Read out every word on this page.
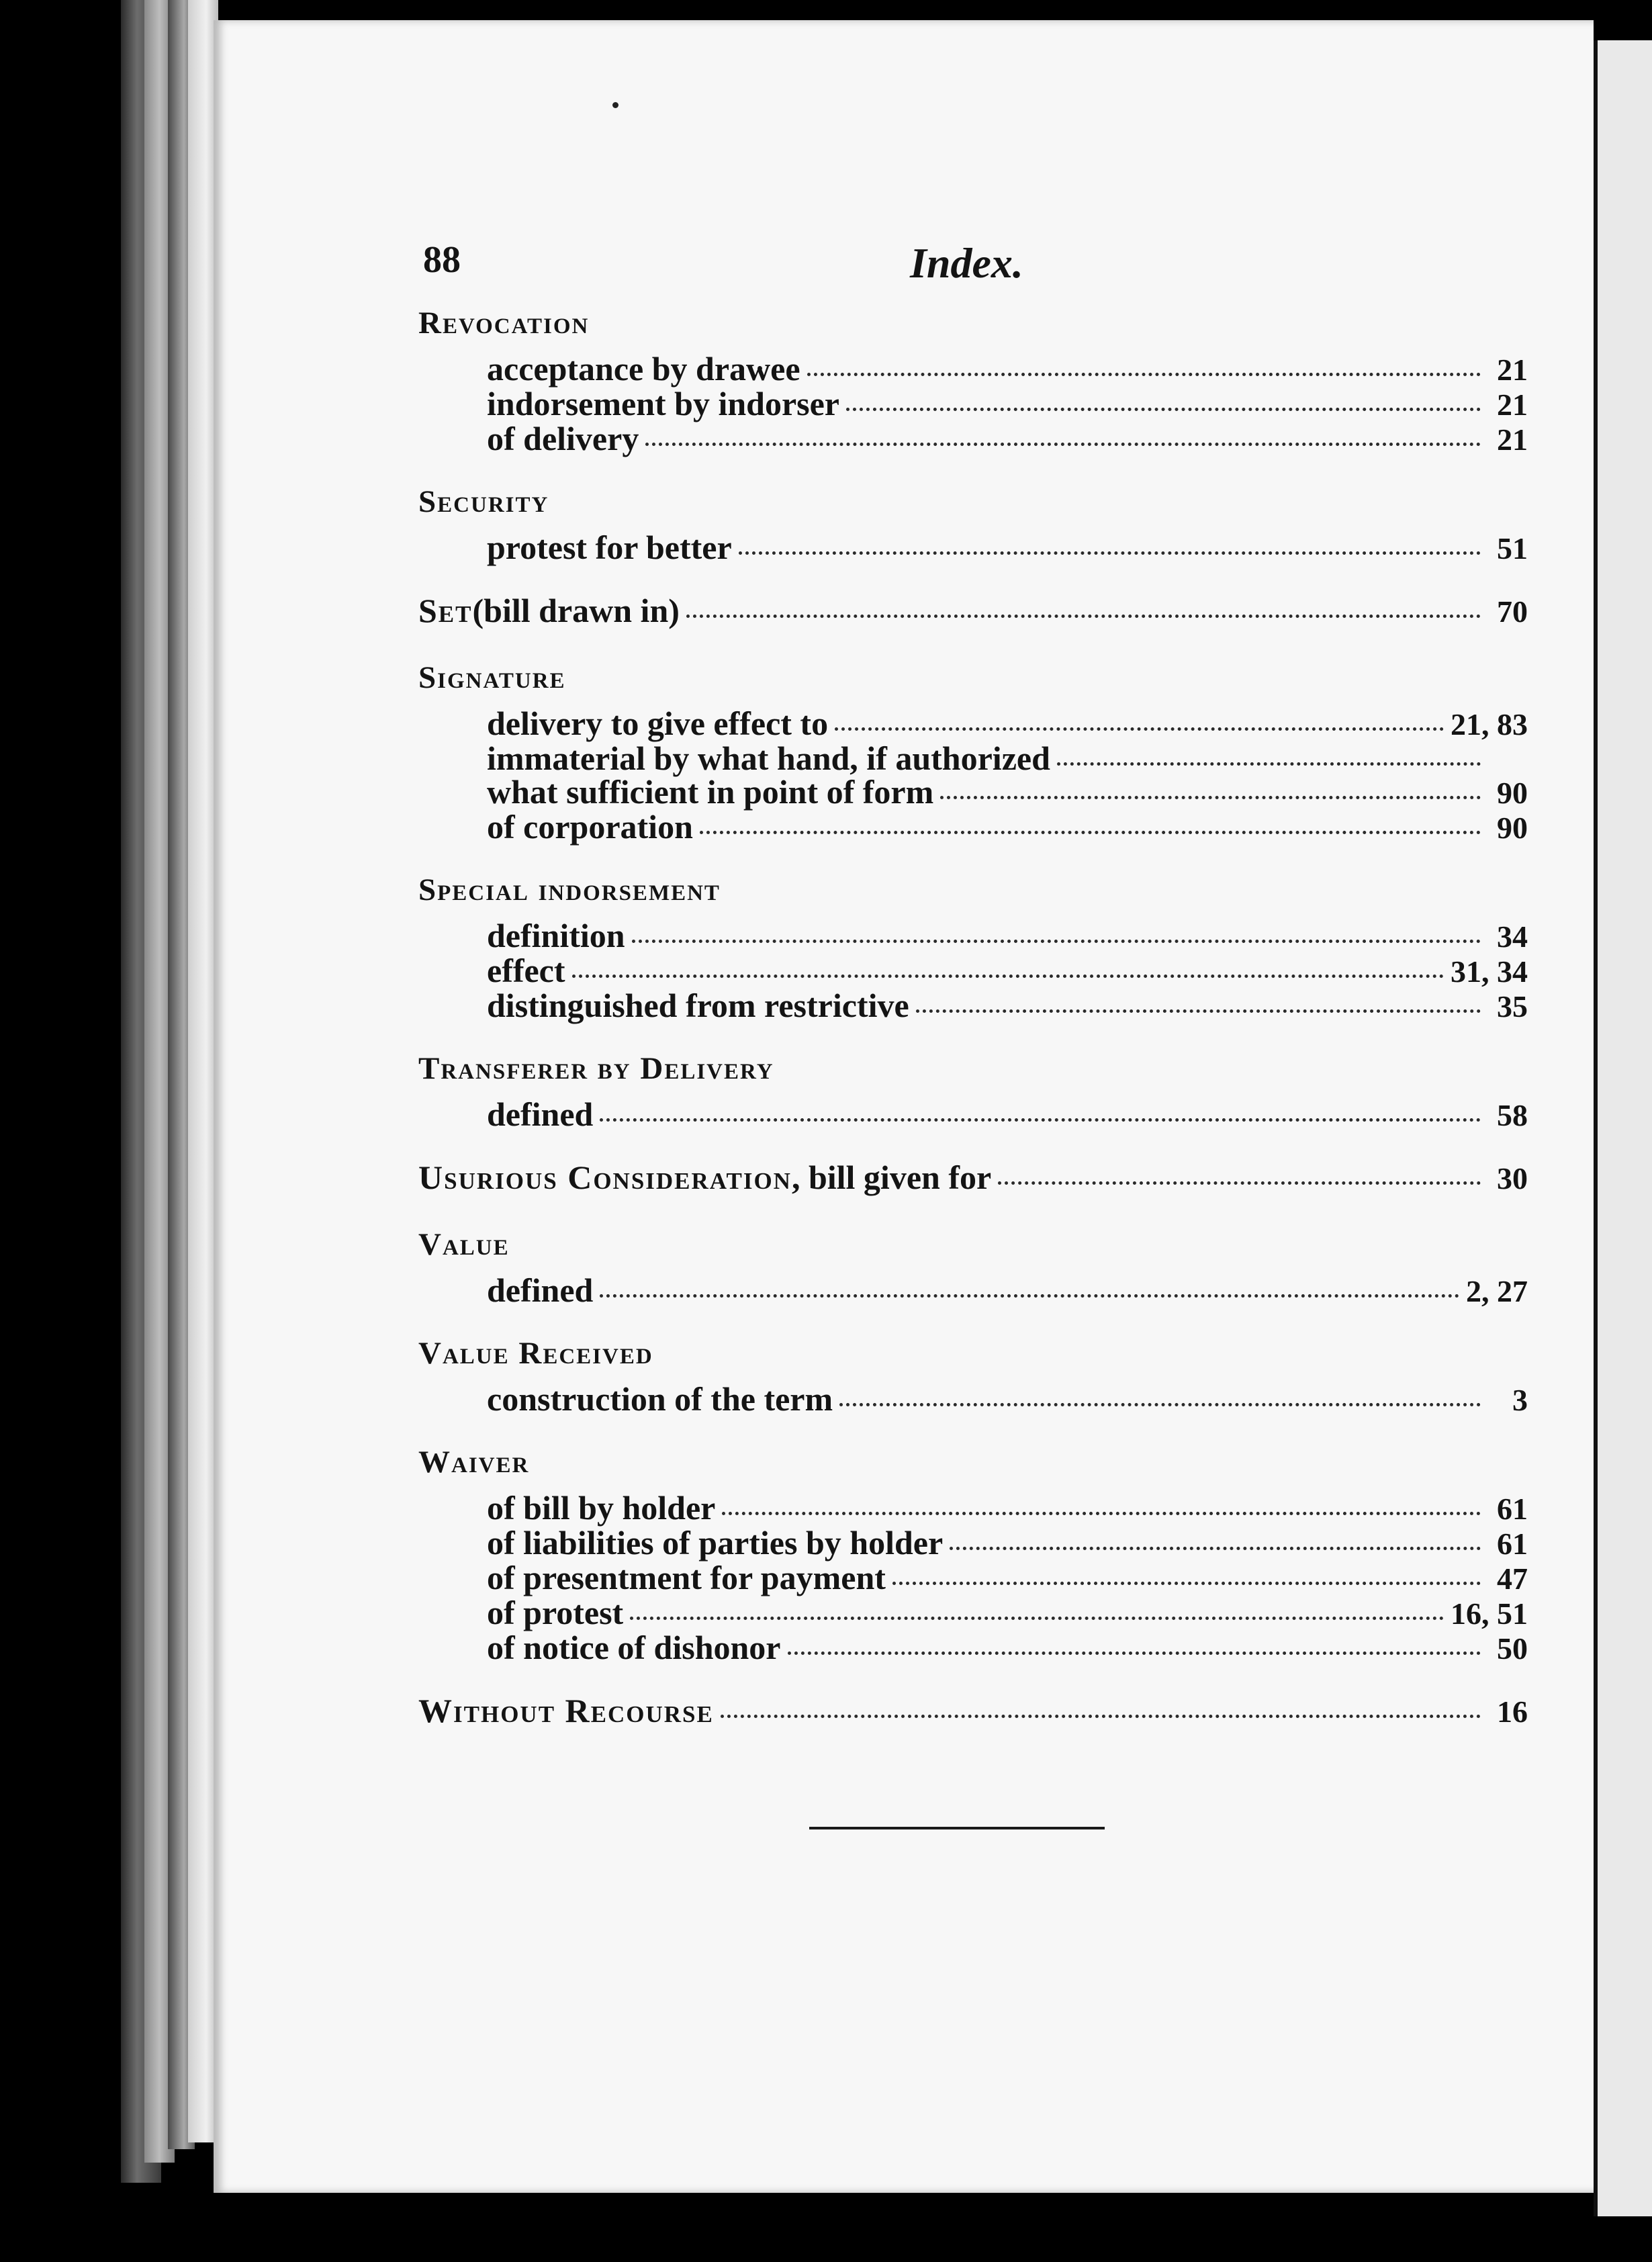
88	Index.
Revocation
acceptance by drawee	21
indorsement by indorser	21
of delivery	21
Security
protest for better	51
Set (bill drawn in)	70
Signature
delivery to give effect to	21, 83
immaterial by what hand, if authorized
what sufficient in point of form	90
of corporation	90
Special indorsement
definition	34
effect	31, 34
distinguished from restrictive	35
Transferer by Delivery
defined	58
Usurious Consideration , bill given for	30
Value
defined	2, 27
Value Received
construction of the term	3
Waiver
of bill by holder	61
of liabilities of parties by holder	61
of presentment for payment	47
of protest	16, 51
of notice of dishonor	50
Without Recourse	16
